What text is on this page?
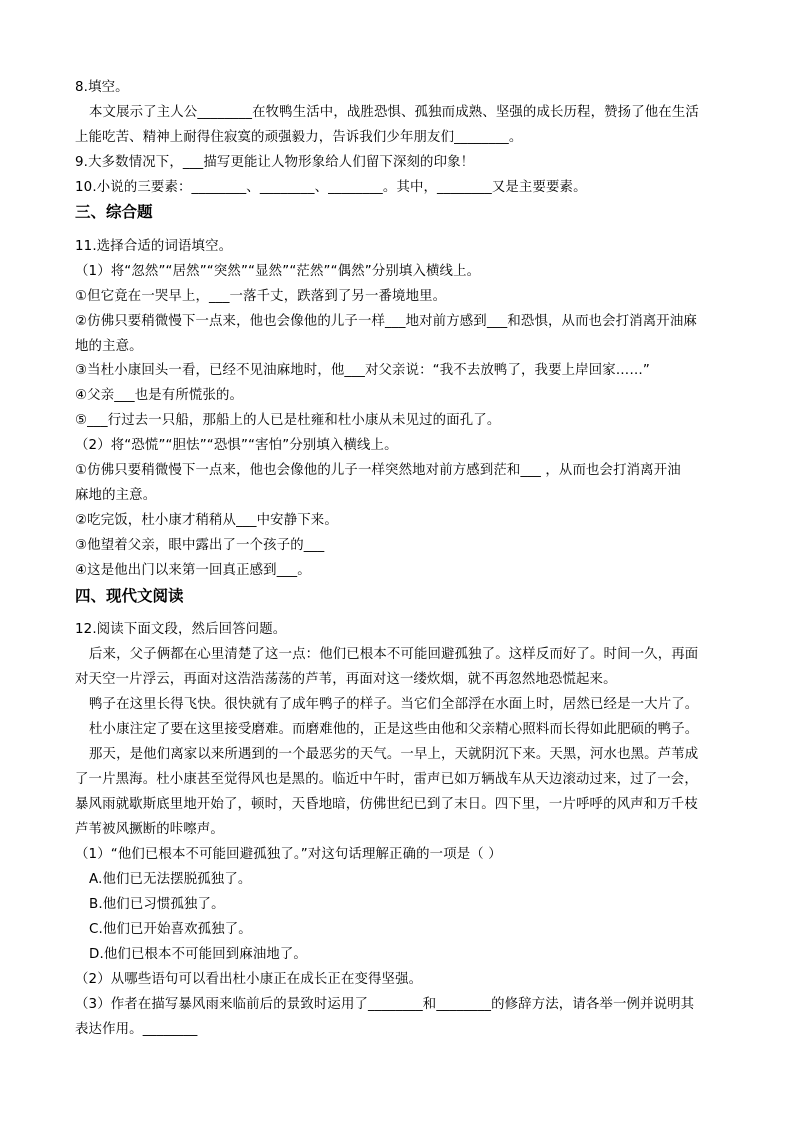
8.填空。
本文展示了主人公________在牧鸭生活中，战胜恐惧、孤独而成熟、坚强的成长历程，赞扬了他在生活
上能吃苦、精神上耐得住寂寞的顽强毅力，告诉我们少年朋友们________。
9.大多数情况下，___描写更能让人物形象给人们留下深刻的印象！
10.小说的三要素：________、________、________。其中，________又是主要要素。
三、综合题
11.选择合适的词语填空。
（1）将“忽然”“居然”“突然”“显然”“茫然”“偶然”分别填入横线上。
①但它竟在一哭早上，___一落千丈，跌落到了另一番境地里。
②仿佛只要稍微慢下一点来，他也会像他的儿子一样___地对前方感到___和恐惧，从而也会打消离开油麻
地的主意。
③当杜小康回头一看，已经不见油麻地时，他___对父亲说：“我不去放鸭了，我要上岸回家……”
④父亲___也是有所慌张的。
⑤___行过去一只船，那船上的人已是杜雍和杜小康从未见过的面孔了。
（2）将“恐慌”“胆怯”“恐惧”“害怕”分别填入横线上。
①仿佛只要稍微慢下一点来，他也会像他的儿子一样突然地对前方感到茫和___ ，从而也会打消离开油
麻地的主意。
②吃完饭，杜小康才稍稍从___中安静下来。
③他望着父亲，眼中露出了一个孩子的___
④这是他出门以来第一回真正感到___。
四、现代文阅读
12.阅读下面文段，然后回答问题。
后来，父子俩都在心里清楚了这一点：他们已根本不可能回避孤独了。这样反而好了。时间一久，再面
对天空一片浮云，再面对这浩浩荡荡的芦苇，再面对这一缕炊烟，就不再忽然地恐慌起来。
鸭子在这里长得飞快。很快就有了成年鸭子的样子。当它们全部浮在水面上时，居然已经是一大片了。
杜小康注定了要在这里接受磨难。而磨难他的，正是这些由他和父亲精心照料而长得如此肥硕的鸭子。
那天，是他们离家以来所遇到的一个最恶劣的天气。一早上，天就阴沉下来。天黑，河水也黑。芦苇成
了一片黑海。杜小康甚至觉得风也是黑的。临近中午时，雷声已如万辆战车从天边滚动过来，过了一会，
暴风雨就歇斯底里地开始了，顿时，天昏地暗，仿佛世纪已到了末日。四下里，一片呼呼的风声和万千枝
芦苇被风撅断的咔嚓声。
（1）“他们已根本不可能回避孤独了。”对这句话理解正确的一项是（ ）
A.他们已无法摆脱孤独了。
B.他们已习惯孤独了。
C.他们已开始喜欢孤独了。
D.他们已根本不可能回到麻油地了。
（2）从哪些语句可以看出杜小康正在成长正在变得坚强。
（3）作者在描写暴风雨来临前后的景致时运用了________和________的修辞方法，请各举一例并说明其
表达作用。________
